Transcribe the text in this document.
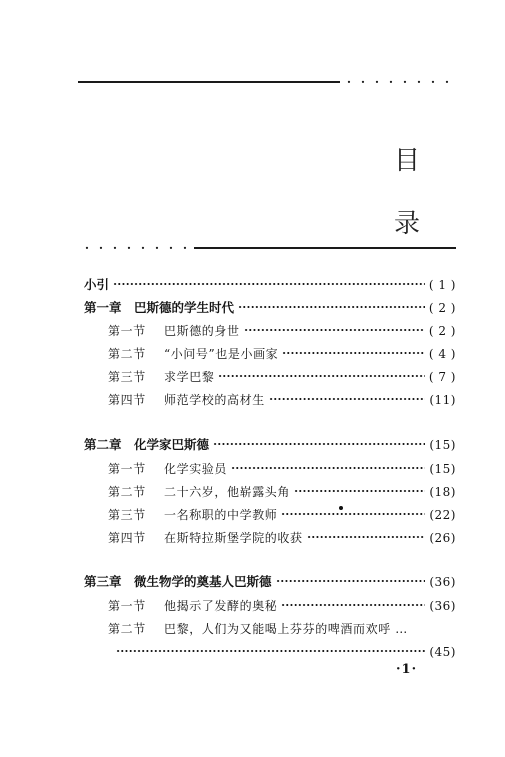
· · · · · · · ·
目
录
· · · · · · · ·
小引	( 1 )
第一章　巴斯德的学生时代	( 2 )
第一节	巴斯德的身世	( 2 )
第二节	“小问号”也是小画家	( 4 )
第三节	求学巴黎	( 7 )
第四节	师范学校的高材生	(11)
第二章　化学家巴斯德	(15)
第一节	化学实验员	(15)
第二节	二十六岁，他崭露头角	(18)
第三节	一名称职的中学教师	(22)
第四节	在斯特拉斯堡学院的收获	(26)
第三章　微生物学的奠基人巴斯德	(36)
第一节	他揭示了发酵的奥秘	(36)
第二节	巴黎，人们为又能喝上芬芬的啤酒而欢呼 …
(45)
·1·
